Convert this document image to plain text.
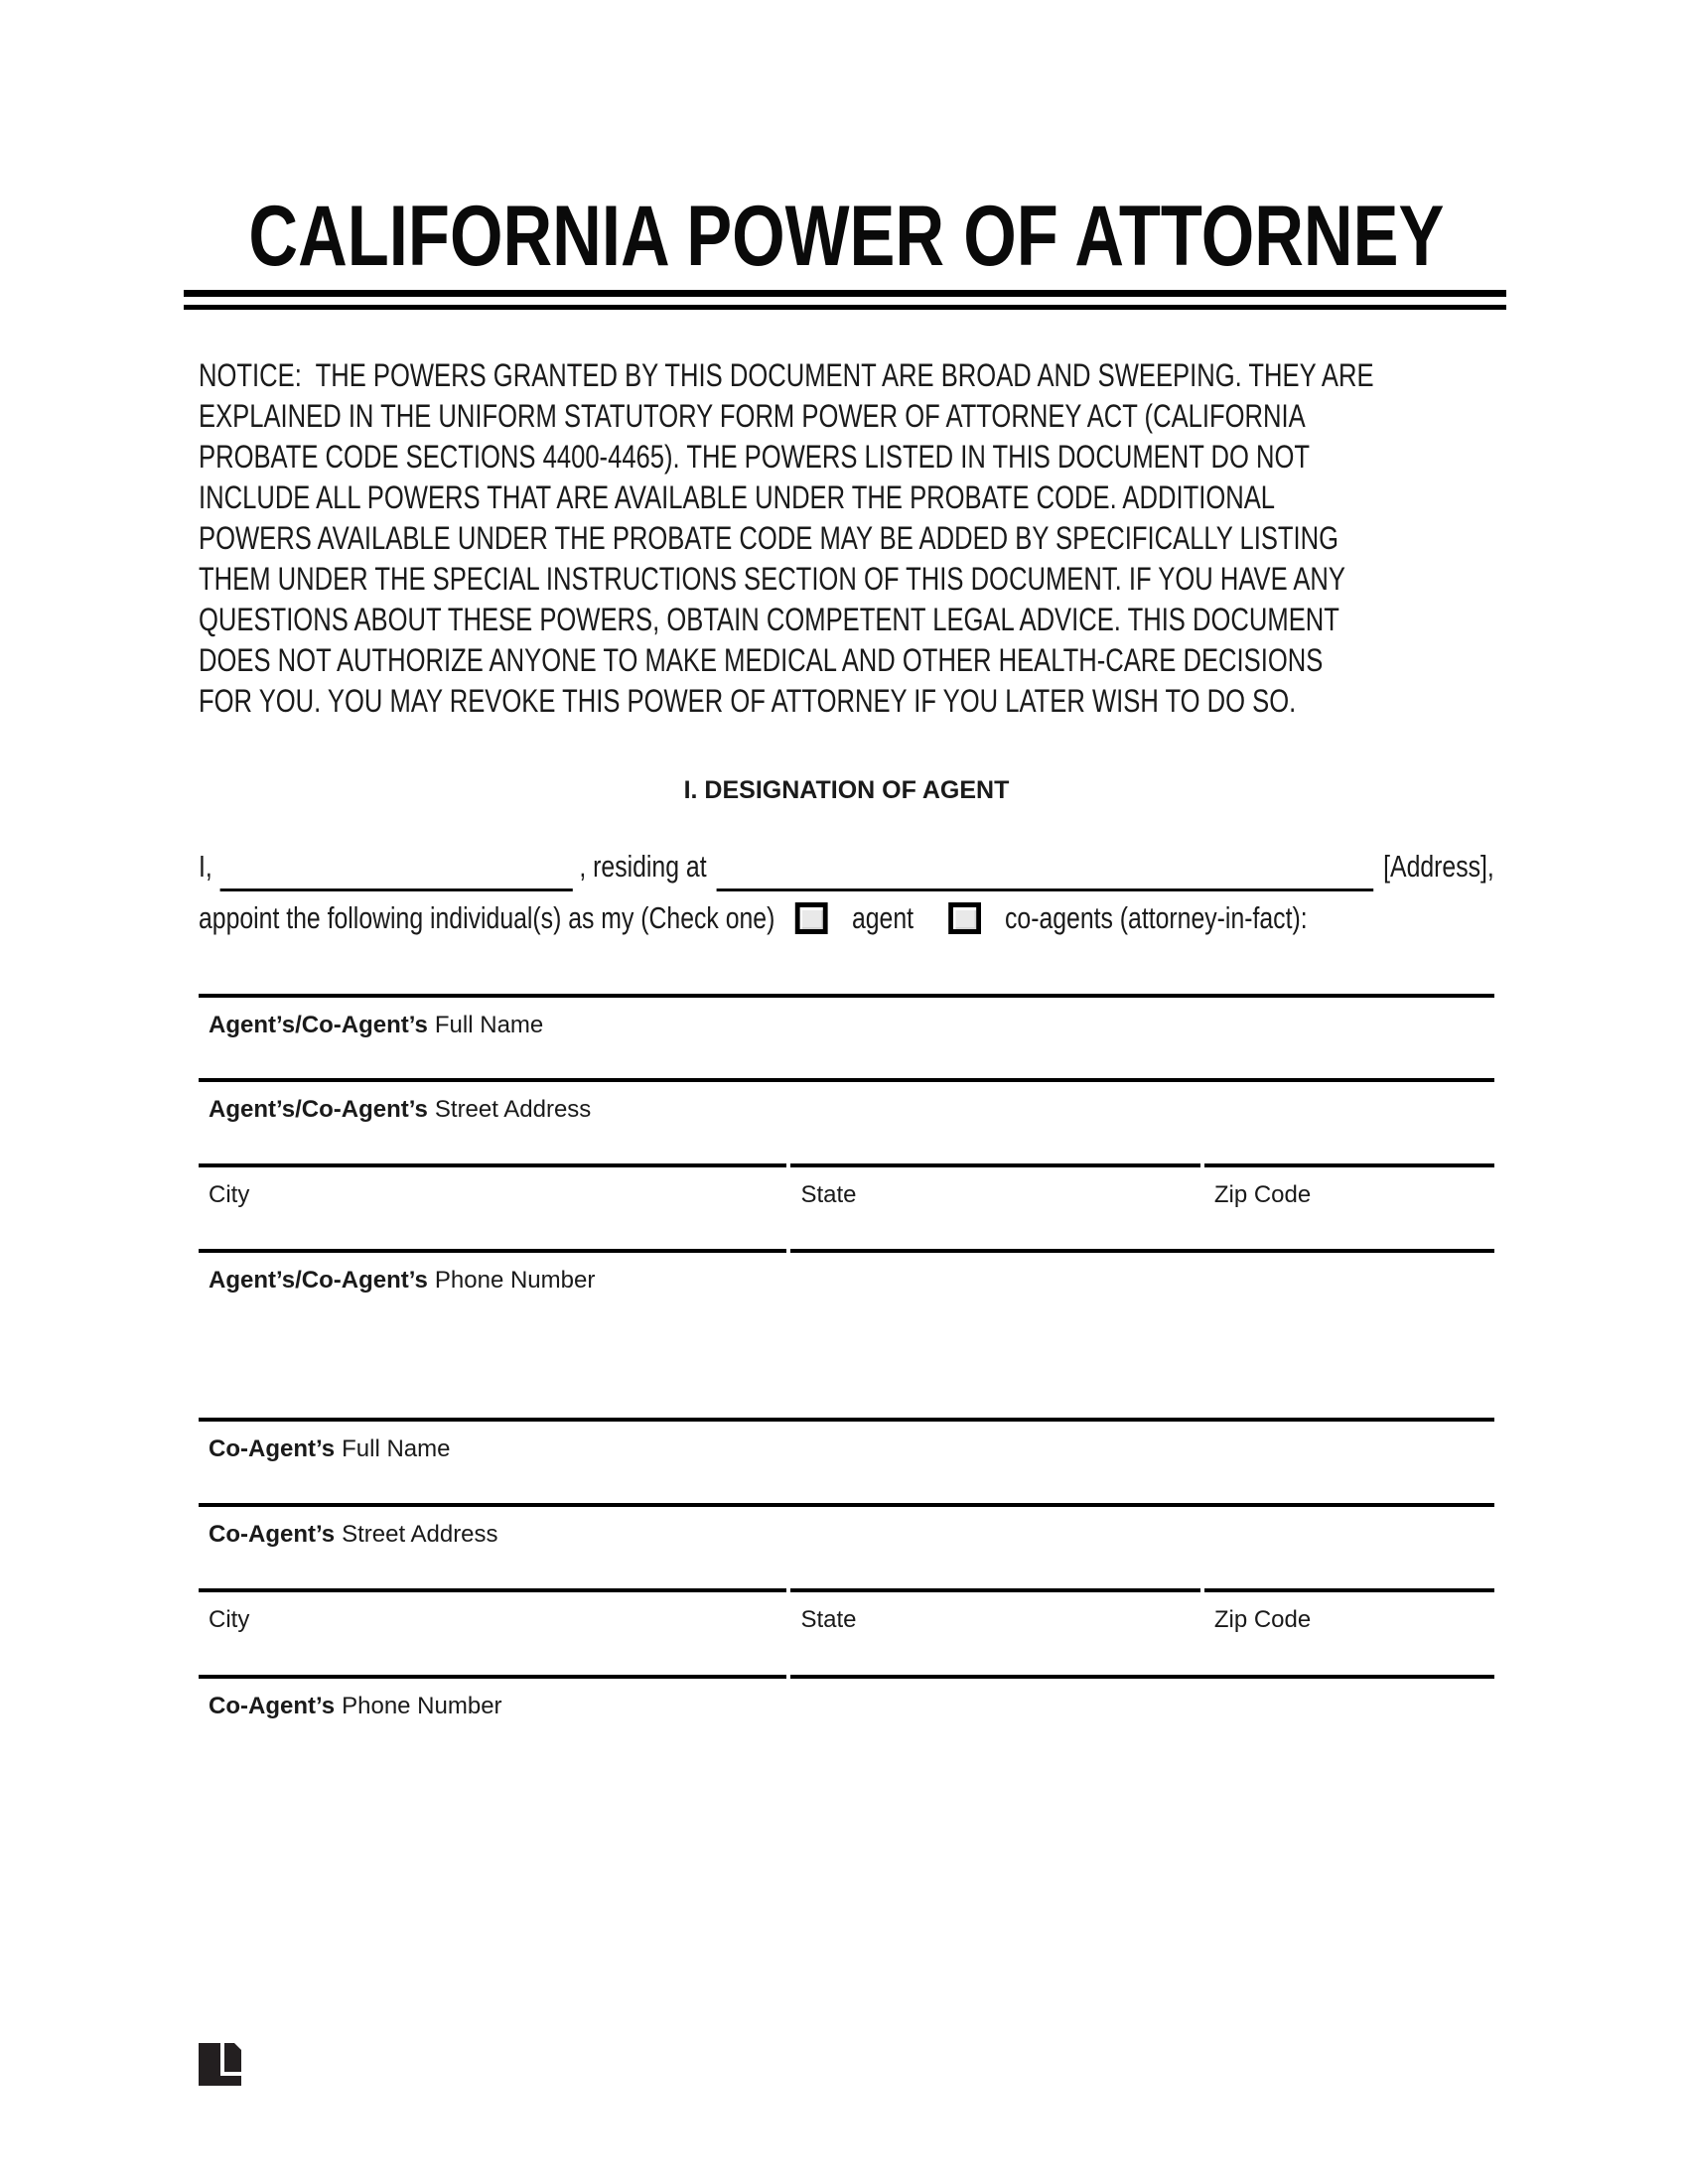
CALIFORNIA POWER OF ATTORNEY
NOTICE:  THE POWERS GRANTED BY THIS DOCUMENT ARE BROAD AND SWEEPING. THEY ARE
EXPLAINED IN THE UNIFORM STATUTORY FORM POWER OF ATTORNEY ACT (CALIFORNIA
PROBATE CODE SECTIONS 4400-4465). THE POWERS LISTED IN THIS DOCUMENT DO NOT
INCLUDE ALL POWERS THAT ARE AVAILABLE UNDER THE PROBATE CODE. ADDITIONAL
POWERS AVAILABLE UNDER THE PROBATE CODE MAY BE ADDED BY SPECIFICALLY LISTING
THEM UNDER THE SPECIAL INSTRUCTIONS SECTION OF THIS DOCUMENT. IF YOU HAVE ANY
QUESTIONS ABOUT THESE POWERS, OBTAIN COMPETENT LEGAL ADVICE. THIS DOCUMENT
DOES NOT AUTHORIZE ANYONE TO MAKE MEDICAL AND OTHER HEALTH-CARE DECISIONS
FOR YOU. YOU MAY REVOKE THIS POWER OF ATTORNEY IF YOU LATER WISH TO DO SO.
I. DESIGNATION OF AGENT
I,
	, residing at
	[Address],
appoint the following individual(s) as my (Check one)	agent	co-agents (attorney-in-fact):
Agent’s/Co-Agent’s Full Name
Agent’s/Co-Agent’s Street Address
City	State	Zip Code
Agent’s/Co-Agent’s Phone Number
Co-Agent’s Full Name
Co-Agent’s Street Address
City	State	Zip Code
Co-Agent’s Phone Number
